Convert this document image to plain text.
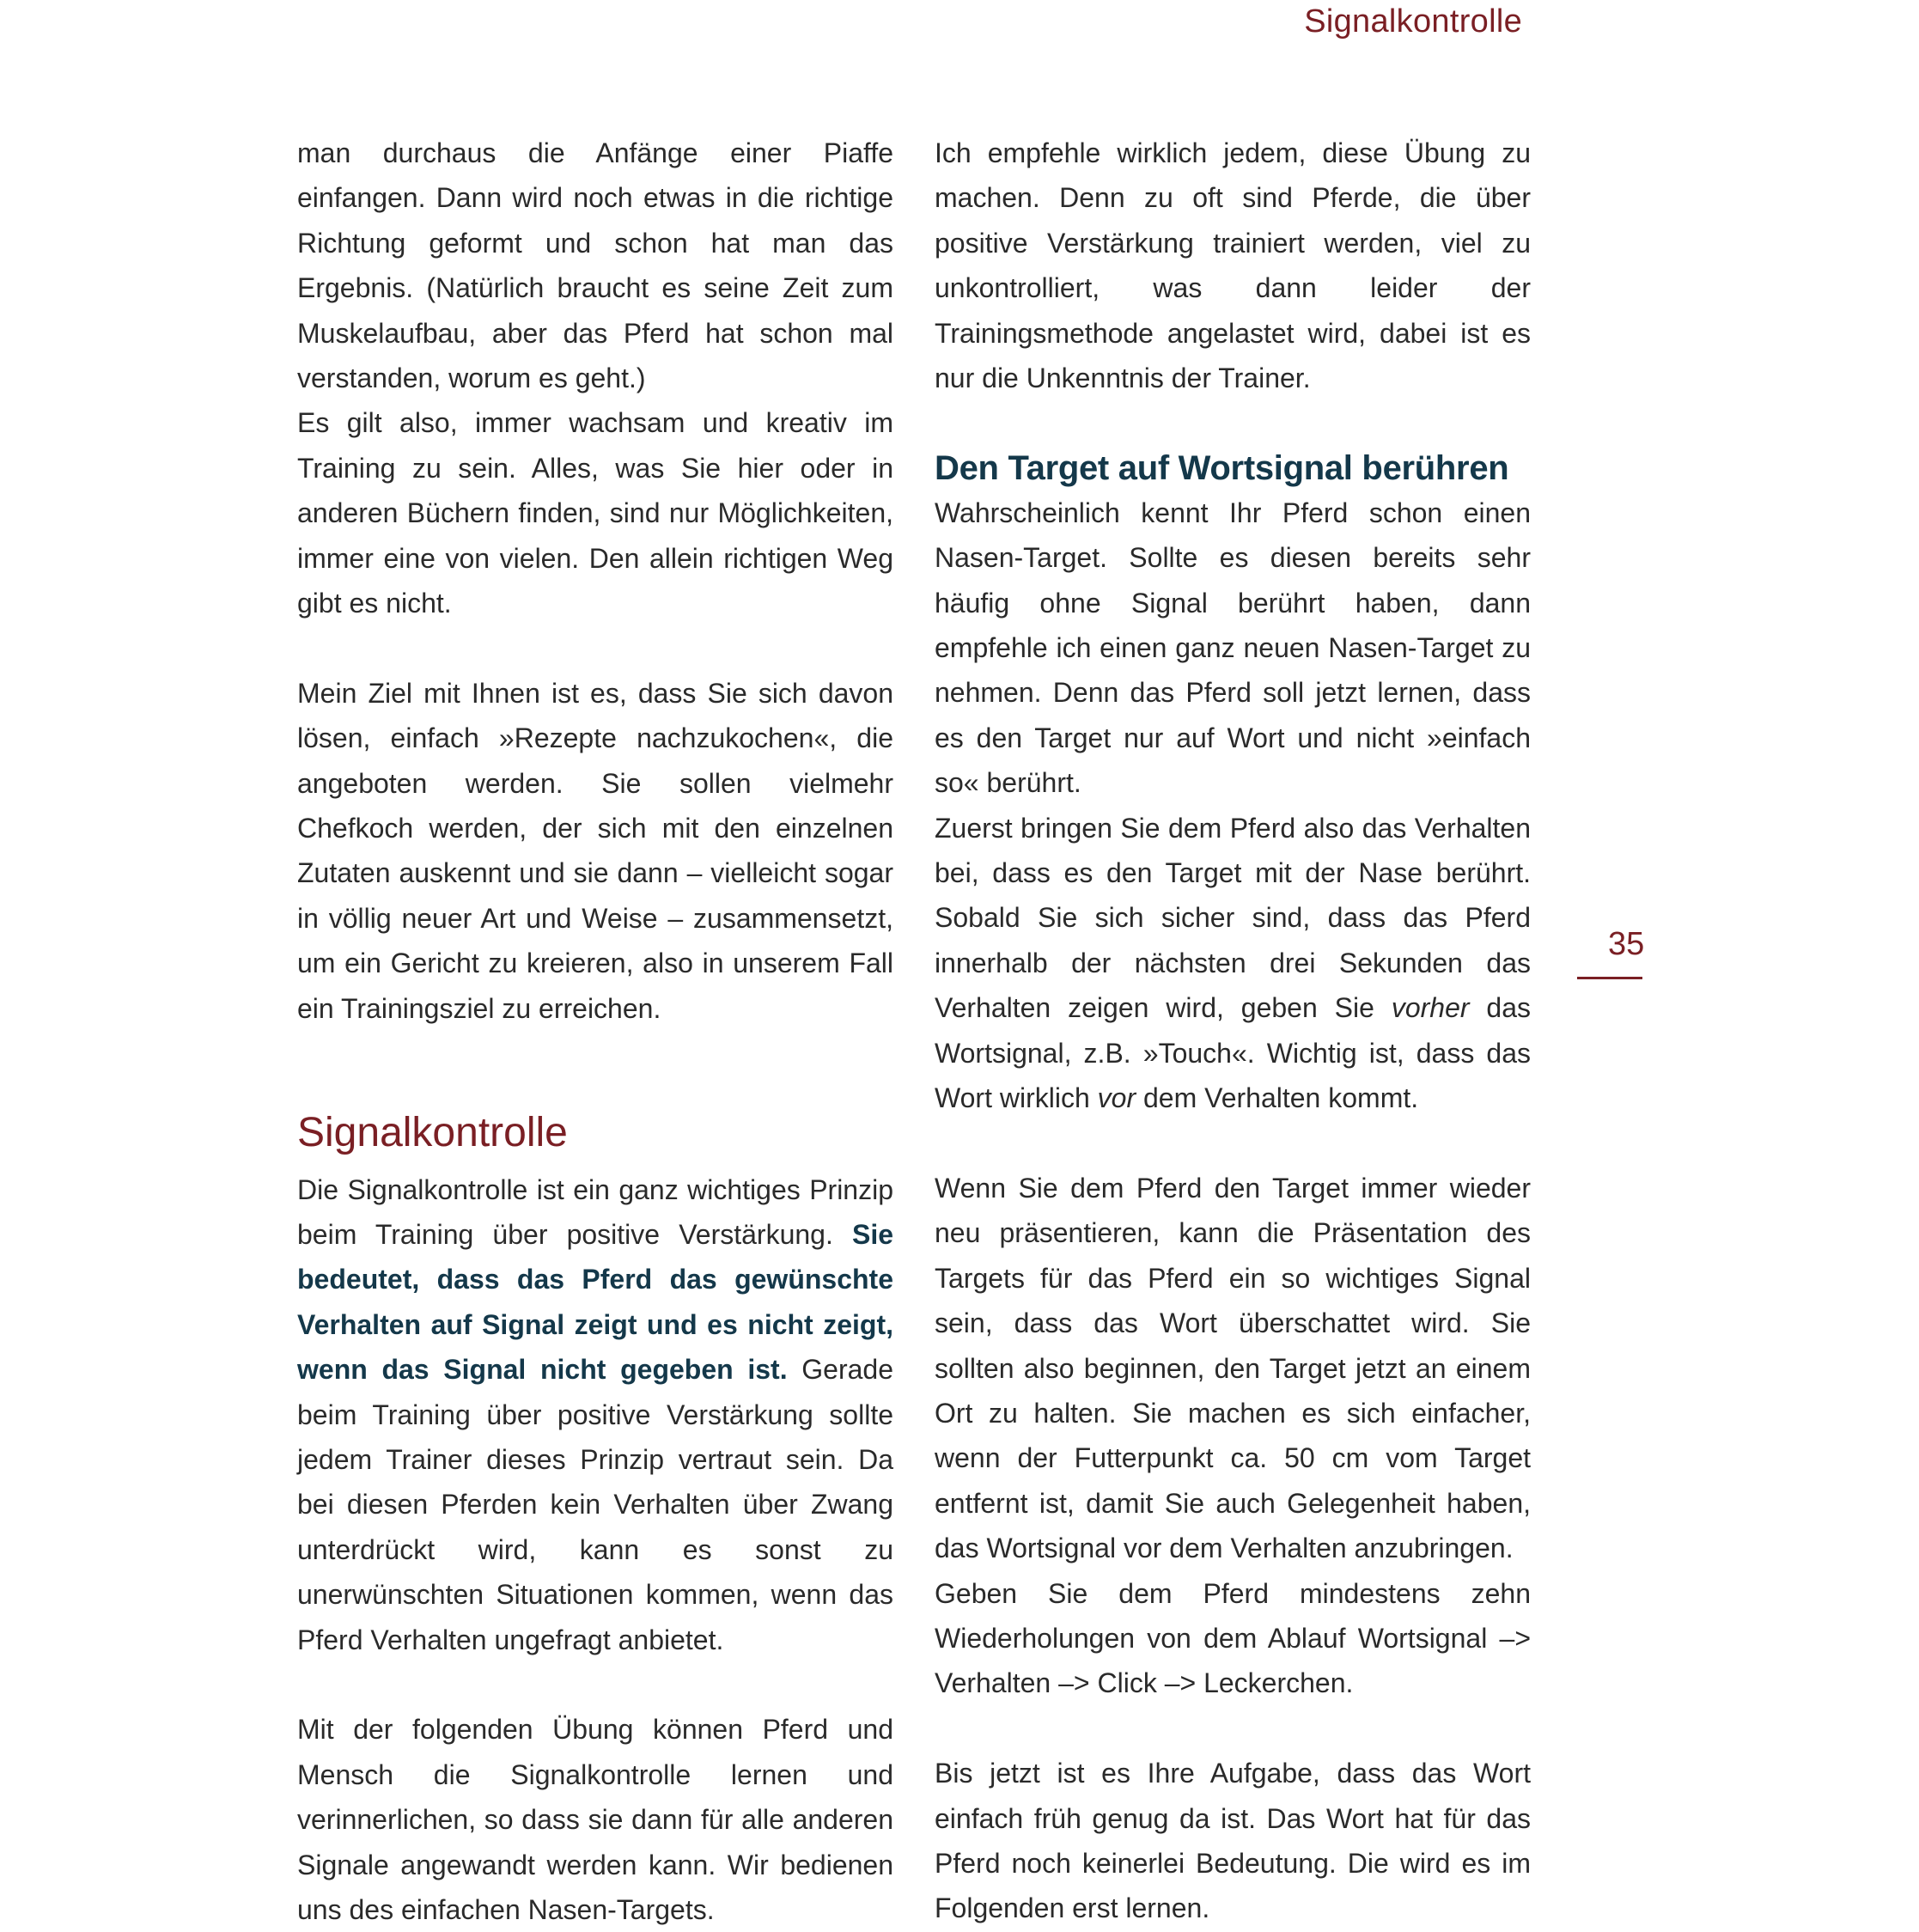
Signalkontrolle
35

man durchaus die Anfänge einer Piaffe einfangen. Dann wird noch etwas in die richtige Richtung geformt und schon hat man das Ergebnis. (Natürlich braucht es seine Zeit zum Muskelaufbau, aber das Pferd hat schon mal verstanden, worum es geht.)

Es gilt also, immer wachsam und kreativ im Training zu sein. Alles, was Sie hier oder in anderen Büchern finden, sind nur Möglichkeiten, immer eine von vielen. Den allein richtigen Weg gibt es nicht.

Mein Ziel mit Ihnen ist es, dass Sie sich davon lösen, einfach »Rezepte nachzukochen«, die angeboten werden. Sie sollen vielmehr Chefkoch werden, der sich mit den einzelnen Zutaten auskennt und sie dann – vielleicht sogar in völlig neuer Art und Weise – zusammensetzt, um ein Gericht zu kreieren, also in unserem Fall ein Trainingsziel zu erreichen.

Signalkontrolle

Die Signalkontrolle ist ein ganz wichtiges Prinzip beim Training über positive Verstärkung. Sie bedeutet, dass das Pferd das gewünschte Verhalten auf Signal zeigt und es nicht zeigt, wenn das Signal nicht gegeben ist. Gerade beim Training über positive Verstärkung sollte jedem Trainer dieses Prinzip vertraut sein. Da bei diesen Pferden kein Verhalten über Zwang unterdrückt wird, kann es sonst zu unerwünschten Situationen kommen, wenn das Pferd Verhalten ungefragt anbietet.

Mit der folgenden Übung können Pferd und Mensch die Signalkontrolle lernen und verinnerlichen, so dass sie dann für alle anderen Signale angewandt werden kann. Wir bedienen uns des einfachen Nasen-Targets.

Ich empfehle wirklich jedem, diese Übung zu machen. Denn zu oft sind Pferde, die über positive Verstärkung trainiert werden, viel zu unkontrolliert, was dann leider der Trainingsmethode angelastet wird, dabei ist es nur die Unkenntnis der Trainer.

Den Target auf Wortsignal berühren

Wahrscheinlich kennt Ihr Pferd schon einen Nasen-Target. Sollte es diesen bereits sehr häufig ohne Signal berührt haben, dann empfehle ich einen ganz neuen Nasen-Target zu nehmen. Denn das Pferd soll jetzt lernen, dass es den Target nur auf Wort und nicht »einfach so« berührt.

Zuerst bringen Sie dem Pferd also das Verhalten bei, dass es den Target mit der Nase berührt. Sobald Sie sich sicher sind, dass das Pferd innerhalb der nächsten drei Sekunden das Verhalten zeigen wird, geben Sie vorher das Wortsignal, z.B. »Touch«. Wichtig ist, dass das Wort wirklich vor dem Verhalten kommt.

Wenn Sie dem Pferd den Target immer wieder neu präsentieren, kann die Präsentation des Targets für das Pferd ein so wichtiges Signal sein, dass das Wort überschattet wird. Sie sollten also beginnen, den Target jetzt an einem Ort zu halten. Sie machen es sich einfacher, wenn der Futterpunkt ca. 50 cm vom Target entfernt ist, damit Sie auch Gelegenheit haben, das Wortsignal vor dem Verhalten anzubringen.

Geben Sie dem Pferd mindestens zehn Wiederholungen von dem Ablauf Wortsignal –> Verhalten –> Click –> Leckerchen.

Bis jetzt ist es Ihre Aufgabe, dass das Wort einfach früh genug da ist. Das Wort hat für das Pferd noch keinerlei Bedeutung. Die wird es im Folgenden erst lernen.
